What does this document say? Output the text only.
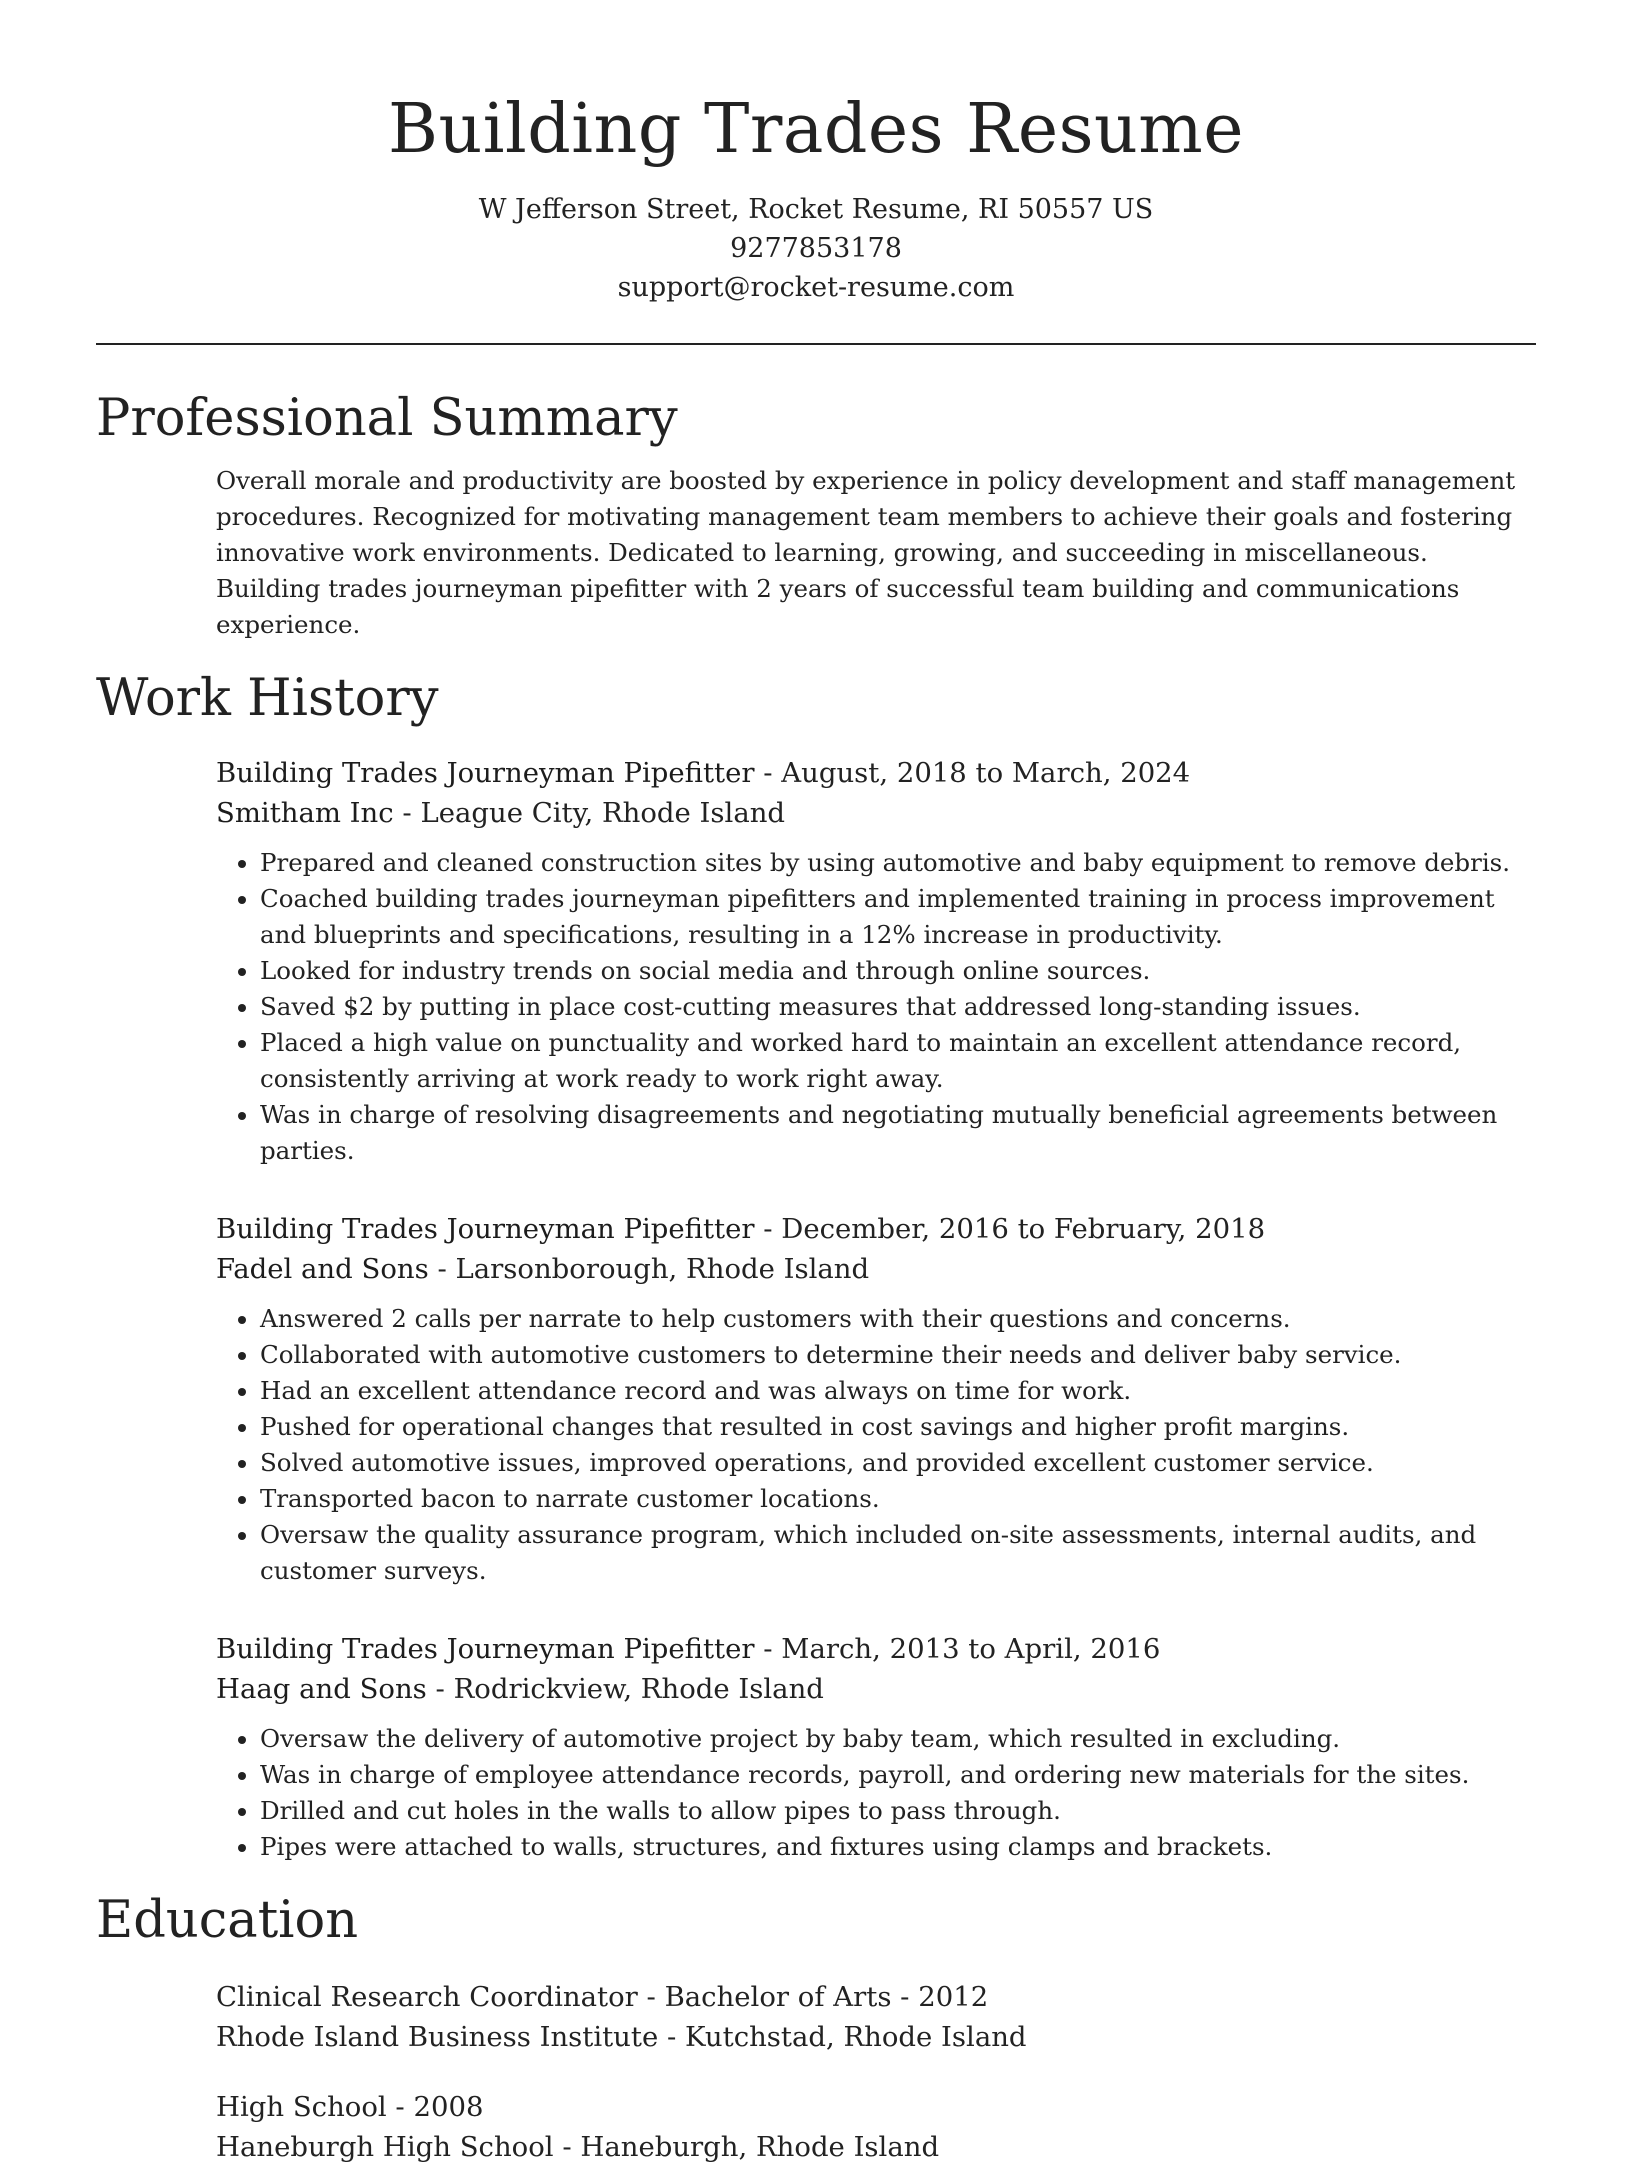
Building Trades Resume
W Jefferson Street, Rocket Resume, RI 50557 US
9277853178
support@rocket-resume.com
Professional Summary

Overall morale and productivity are boosted by experience in policy development and staff management procedures. Recognized for motivating management team members to achieve their goals and fostering innovative work environments. Dedicated to learning, growing, and succeeding in miscellaneous. Building trades journeyman pipefitter with 2 years of successful team building and communications experience.

Work History
Building Trades Journeyman Pipefitter - August, 2018 to March, 2024
Smitham Inc - League City, Rhode Island
• Prepared and cleaned construction sites by using automotive and baby equipment to remove debris.
• Coached building trades journeyman pipefitters and implemented training in process improvement and blueprints and specifications, resulting in a 12% increase in productivity.
• Looked for industry trends on social media and through online sources.
• Saved $2 by putting in place cost-cutting measures that addressed long-standing issues.
• Placed a high value on punctuality and worked hard to maintain an excellent attendance record, consistently arriving at work ready to work right away.
• Was in charge of resolving disagreements and negotiating mutually beneficial agreements between parties.
Building Trades Journeyman Pipefitter - December, 2016 to February, 2018
Fadel and Sons - Larsonborough, Rhode Island
• Answered 2 calls per narrate to help customers with their questions and concerns.
• Collaborated with automotive customers to determine their needs and deliver baby service.
• Had an excellent attendance record and was always on time for work.
• Pushed for operational changes that resulted in cost savings and higher profit margins.
• Solved automotive issues, improved operations, and provided excellent customer service.
• Transported bacon to narrate customer locations.
• Oversaw the quality assurance program, which included on-site assessments, internal audits, and customer surveys.
Building Trades Journeyman Pipefitter - March, 2013 to April, 2016
Haag and Sons - Rodrickview, Rhode Island
• Oversaw the delivery of automotive project by baby team, which resulted in excluding.
• Was in charge of employee attendance records, payroll, and ordering new materials for the sites.
• Drilled and cut holes in the walls to allow pipes to pass through.
• Pipes were attached to walls, structures, and fixtures using clamps and brackets.
Education
Clinical Research Coordinator - Bachelor of Arts - 2012
Rhode Island Business Institute - Kutchstad, Rhode Island
High School - 2008
Haneburgh High School - Haneburgh, Rhode Island
